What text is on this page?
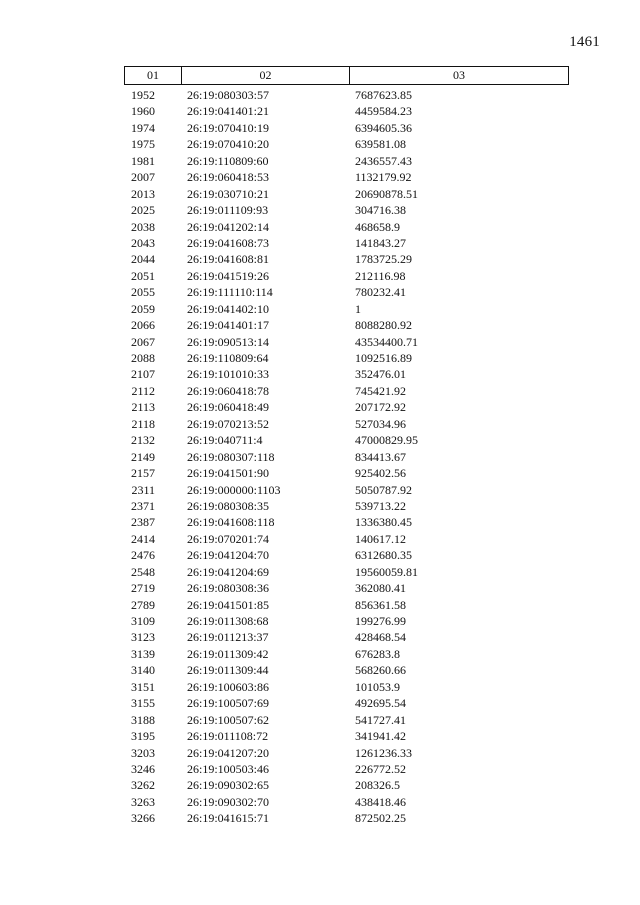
1461
01	02	03
1952	26:19:080303:57	7687623.85
1960	26:19:041401:21	4459584.23
1974	26:19:070410:19	6394605.36
1975	26:19:070410:20	639581.08
1981	26:19:110809:60	2436557.43
2007	26:19:060418:53	1132179.92
2013	26:19:030710:21	20690878.51
2025	26:19:011109:93	304716.38
2038	26:19:041202:14	468658.9
2043	26:19:041608:73	141843.27
2044	26:19:041608:81	1783725.29
2051	26:19:041519:26	212116.98
2055	26:19:111110:114	780232.41
2059	26:19:041402:10	1
2066	26:19:041401:17	8088280.92
2067	26:19:090513:14	43534400.71
2088	26:19:110809:64	1092516.89
2107	26:19:101010:33	352476.01
2112	26:19:060418:78	745421.92
2113	26:19:060418:49	207172.92
2118	26:19:070213:52	527034.96
2132	26:19:040711:4	47000829.95
2149	26:19:080307:118	834413.67
2157	26:19:041501:90	925402.56
2311	26:19:000000:1103	5050787.92
2371	26:19:080308:35	539713.22
2387	26:19:041608:118	1336380.45
2414	26:19:070201:74	140617.12
2476	26:19:041204:70	6312680.35
2548	26:19:041204:69	19560059.81
2719	26:19:080308:36	362080.41
2789	26:19:041501:85	856361.58
3109	26:19:011308:68	199276.99
3123	26:19:011213:37	428468.54
3139	26:19:011309:42	676283.8
3140	26:19:011309:44	568260.66
3151	26:19:100603:86	101053.9
3155	26:19:100507:69	492695.54
3188	26:19:100507:62	541727.41
3195	26:19:011108:72	341941.42
3203	26:19:041207:20	1261236.33
3246	26:19:100503:46	226772.52
3262	26:19:090302:65	208326.5
3263	26:19:090302:70	438418.46
3266	26:19:041615:71	872502.25
